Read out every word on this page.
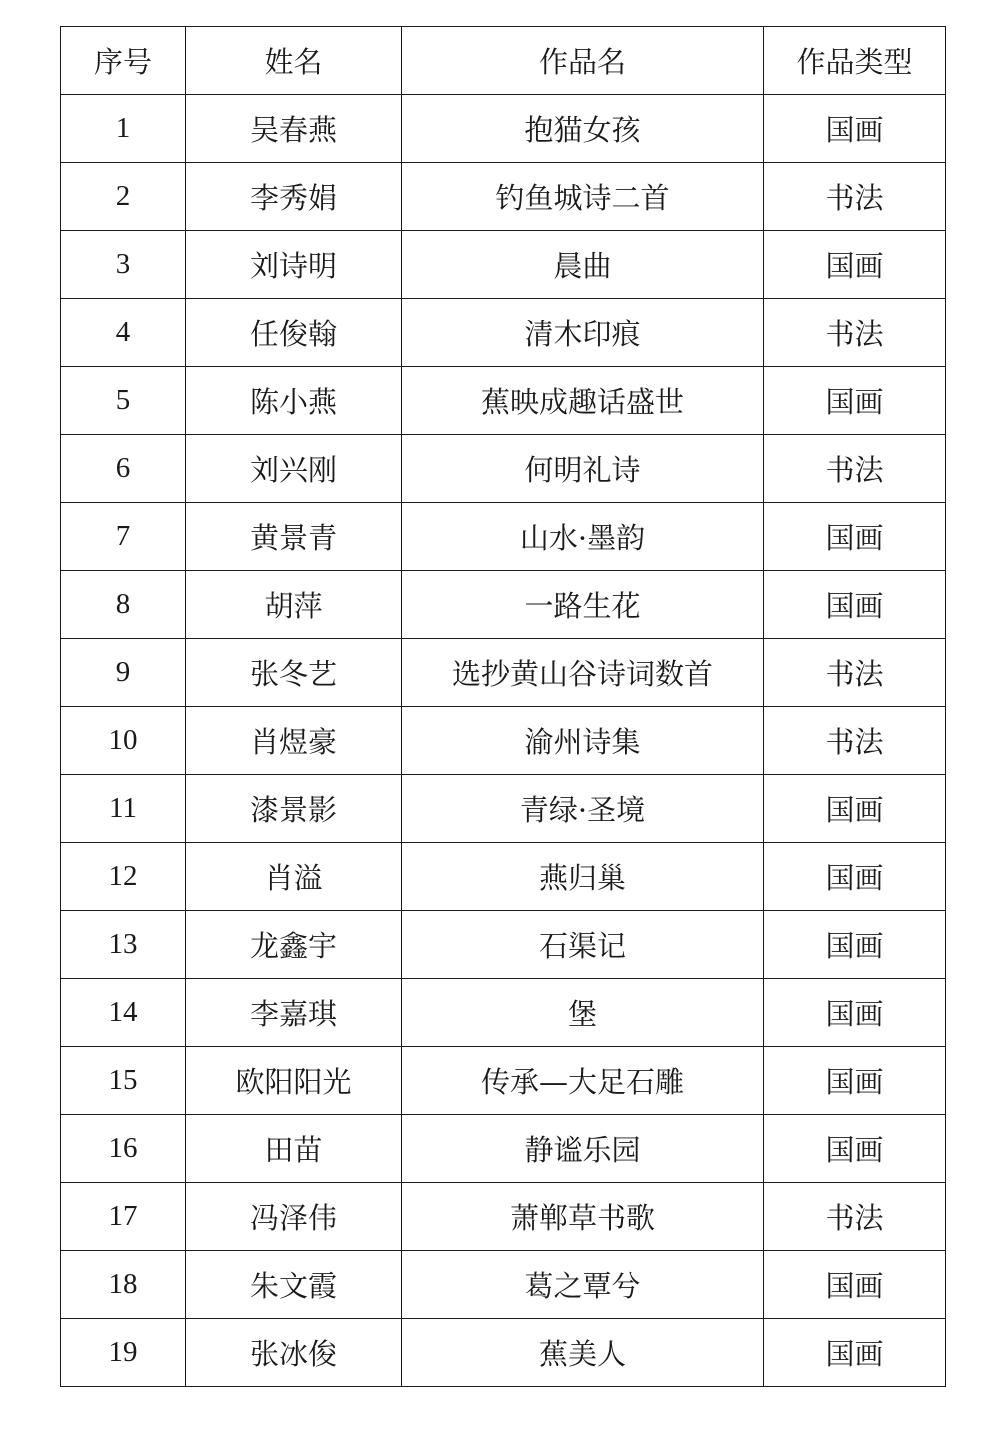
序号	姓名	作品名	作品类型
1	吴春燕	抱猫女孩	国画
2	李秀娟	钓鱼城诗二首	书法
3	刘诗明	晨曲	国画
4	任俊翰	清木印痕	书法
5	陈小燕	蕉映成趣话盛世	国画
6	刘兴刚	何明礼诗	书法
7	黄景青	山水·墨韵	国画
8	胡萍	一路生花	国画
9	张冬艺	选抄黄山谷诗词数首	书法
10	肖煜豪	渝州诗集	书法
11	漆景影	青绿·圣境	国画
12	肖溢	燕归巢	国画
13	龙鑫宇	石渠记	国画
14	李嘉琪	堡	国画
15	欧阳阳光	传承—大足石雕	国画
16	田苗	静谧乐园	国画
17	冯泽伟	萧郸草书歌	书法
18	朱文霞	葛之覃兮	国画
19	张冰俊	蕉美人	国画
